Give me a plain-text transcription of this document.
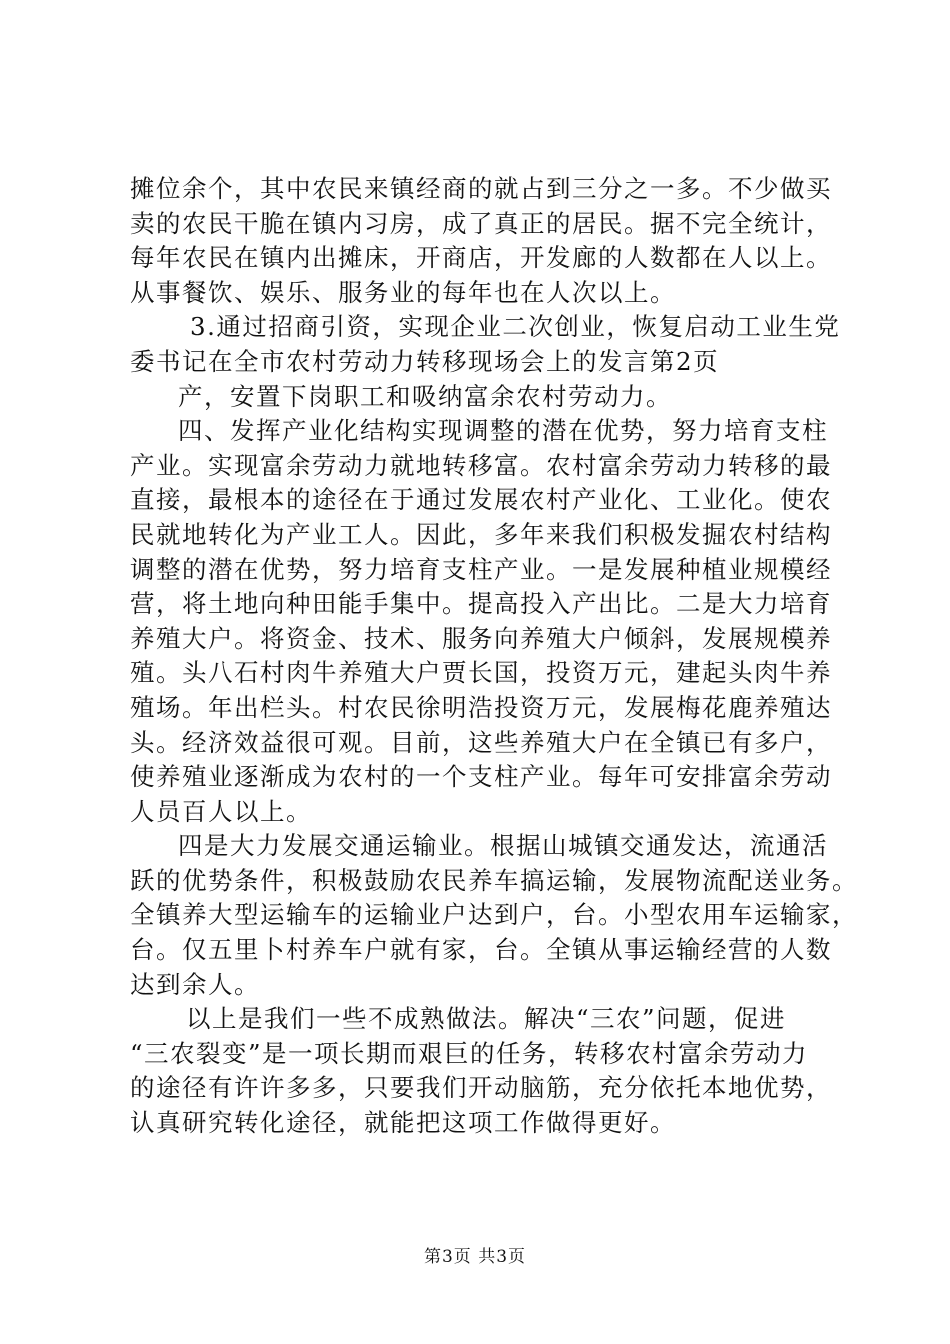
摊位余个，其中农民来镇经商的就占到三分之一多。不少做买
卖的农民干脆在镇内习房，成了真正的居民。据不完全统计，
每年农民在镇内出摊床，开商店，开发廊的人数都在人以上。
从事餐饮、娱乐、服务业的每年也在人次以上。
3.通过招商引资，实现企业二次创业，恢复启动工业生党
委书记在全市农村劳动力转移现场会上的发言第2页
产，安置下岗职工和吸纳富余农村劳动力。
四、发挥产业化结构实现调整的潜在优势，努力培育支柱
产业。实现富余劳动力就地转移富。农村富余劳动力转移的最
直接，最根本的途径在于通过发展农村产业化、工业化。使农
民就地转化为产业工人。因此，多年来我们积极发掘农村结构
调整的潜在优势，努力培育支柱产业。一是发展种植业规模经
营，将土地向种田能手集中。提高投入产出比。二是大力培育
养殖大户。将资金、技术、服务向养殖大户倾斜，发展规模养
殖。头八石村肉牛养殖大户贾长国，投资万元，建起头肉牛养
殖场。年出栏头。村农民徐明浩投资万元，发展梅花鹿养殖达
头。经济效益很可观。目前，这些养殖大户在全镇已有多户，
使养殖业逐渐成为农村的一个支柱产业。每年可安排富余劳动
人员百人以上。
四是大力发展交通运输业。根据山城镇交通发达，流通活
跃的优势条件，积极鼓励农民养车搞运输，发展物流配送业务。
全镇养大型运输车的运输业户达到户，台。小型农用车运输家，
台。仅五里卜村养车户就有家，台。全镇从事运输经营的人数
达到余人。
以上是我们一些不成熟做法。解决“三农”问题，促进
“三农裂变”是一项长期而艰巨的任务，转移农村富余劳动力
的途径有许许多多，只要我们开动脑筋，充分依托本地优势，
认真研究转化途径，就能把这项工作做得更好。
第3页 共3页
